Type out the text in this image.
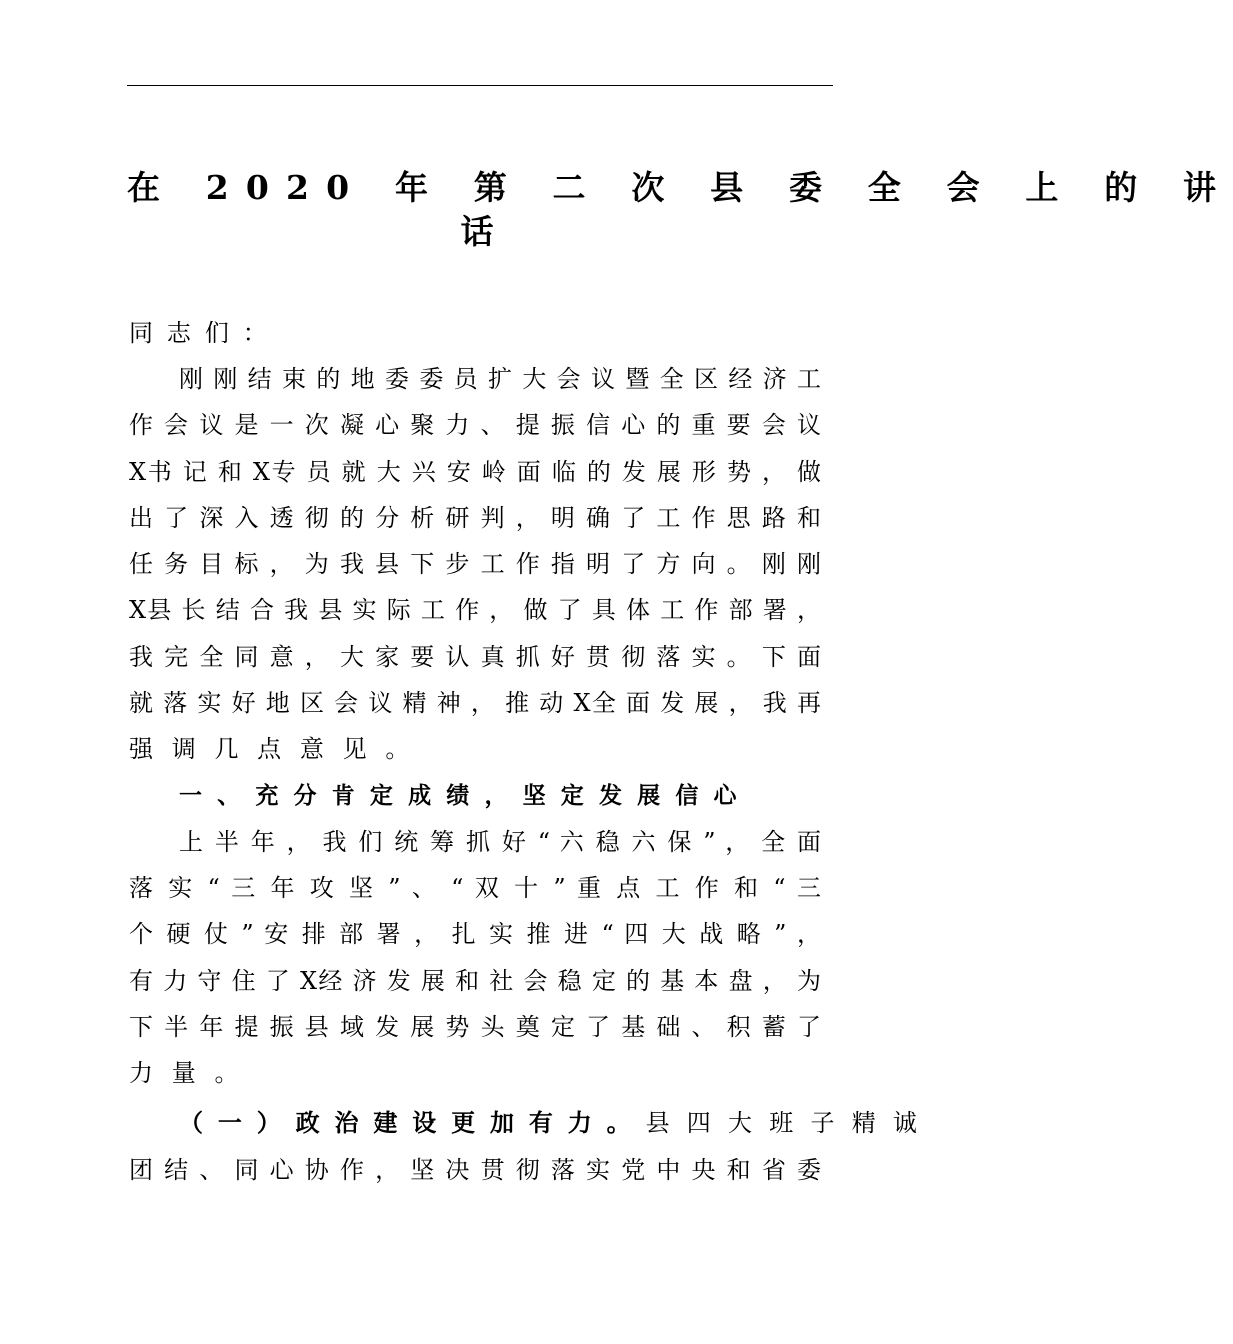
在 2020 年 第 二 次 县 委 全 会 上 的 讲
话

同志们：

刚 刚 结 束 的 地 委 委 员 扩 大 会 议 暨 全 区 经 济 工
作 会 议 是 一 次 凝 心 聚 力 、 提 振 信 心 的 重 要 会 议
X书 记 和 X专 员 就 大 兴 安 岭 面 临 的 发 展 形 势 ， 做
出 了 深 入 透 彻 的 分 析 研 判 ， 明 确 了 工 作 思 路 和
任 务 目 标 ， 为 我 县 下 步 工 作 指 明 了 方 向 。 刚 刚
X县 长 结 合 我 县 实 际 工 作 ， 做 了 具 体 工 作 部 署 ，
我 完 全 同 意 ， 大 家 要 认 真 抓 好 贯 彻 落 实 。 下 面
就 落 实 好 地 区 会 议 精 神 ， 推 动 X全 面 发 展 ， 我 再
强调几点意见。
一、充分肯定成绩，坚定发展信心
上 半 年 ， 我 们 统 筹 抓 好 “ 六 稳 六 保 ” ， 全 面
落 实 “ 三 年 攻 坚 ” 、 “ 双 十 ” 重 点 工 作 和 “ 三
个 硬 仗 ” 安 排 部 署 ， 扎 实 推 进 “ 四 大 战 略 ” ，
有 力 守 住 了 X经 济 发 展 和 社 会 稳 定 的 基 本 盘 ， 为
下 半 年 提 振 县 域 发 展 势 头 奠 定 了 基 础 、 积 蓄 了
力量。
（一）政治建设更加有力。 县 四 大 班 子 精 诚
团 结 、 同 心 协 作 ， 坚 决 贯 彻 落 实 党 中 央 和 省 委
